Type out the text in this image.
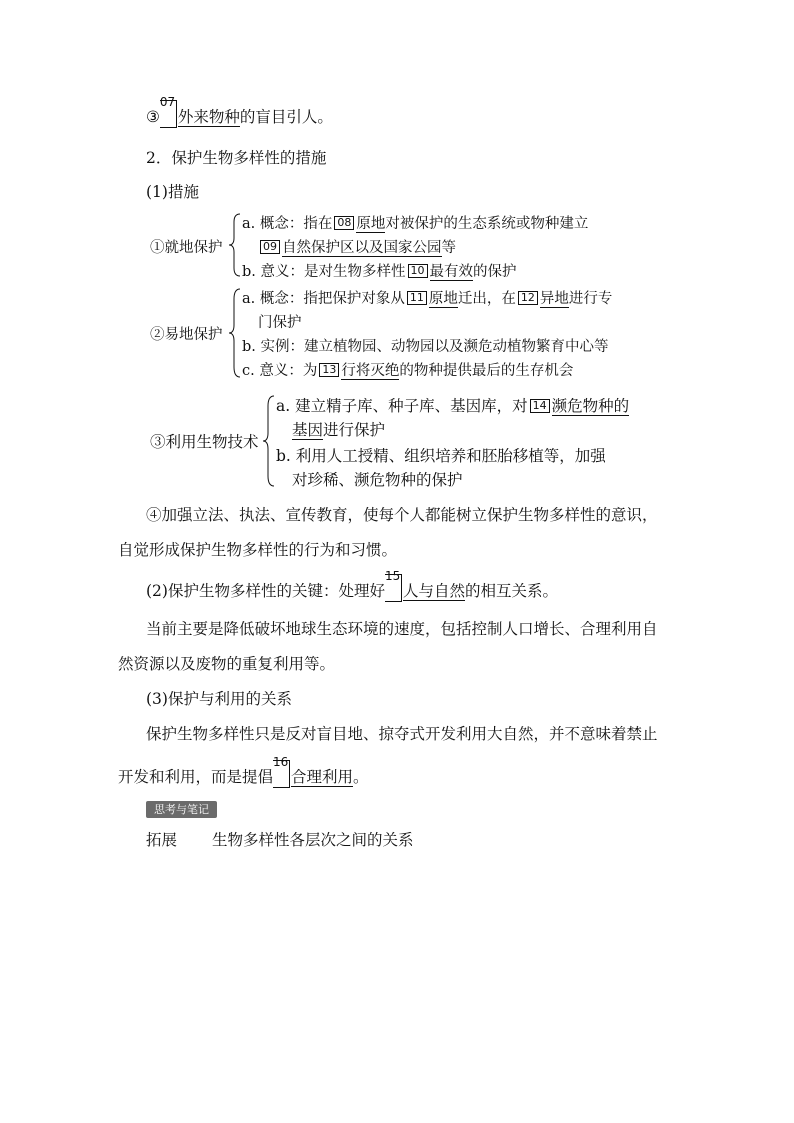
③
07
外来物种的盲目引人。
2．保护生物多样性的措施
(1)措施
①就地保护
a. 概念：指在 08 原地对被保护的生态系统或物种建立
09 自然保护区以及国家公园等
b. 意义：是对生物多样性 10 最有效的保护
②易地保护
a. 概念：指把保护对象从 11 原地迁出，在 12 异地进行专
门保护
b. 实例：建立植物园、动物园以及濒危动植物繁育中心等
c. 意义：为 13 行将灭绝的物种提供最后的生存机会
③利用生物技术
a. 建立精子库、种子库、基因库，对 14 濒危物种的
基因进行保护
b. 利用人工授精、组织培养和胚胎移植等，加强
对珍稀、濒危物种的保护
④加强立法、执法、宣传教育，使每个人都能树立保护生物多样性的意识，
自觉形成保护生物多样性的行为和习惯。
(2)保护生物多样性的关键：处理好
15
人与自然的相互关系。
当前主要是降低破坏地球生态环境的速度，包括控制人口增长、合理利用自
然资源以及废物的重复利用等。
(3)保护与利用的关系
保护生物多样性只是反对盲目地、掠夺式开发利用大自然，并不意味着禁止
开发和利用，而是提倡
16
合理利用。
思考与笔记
拓展 生物多样性各层次之间的关系
